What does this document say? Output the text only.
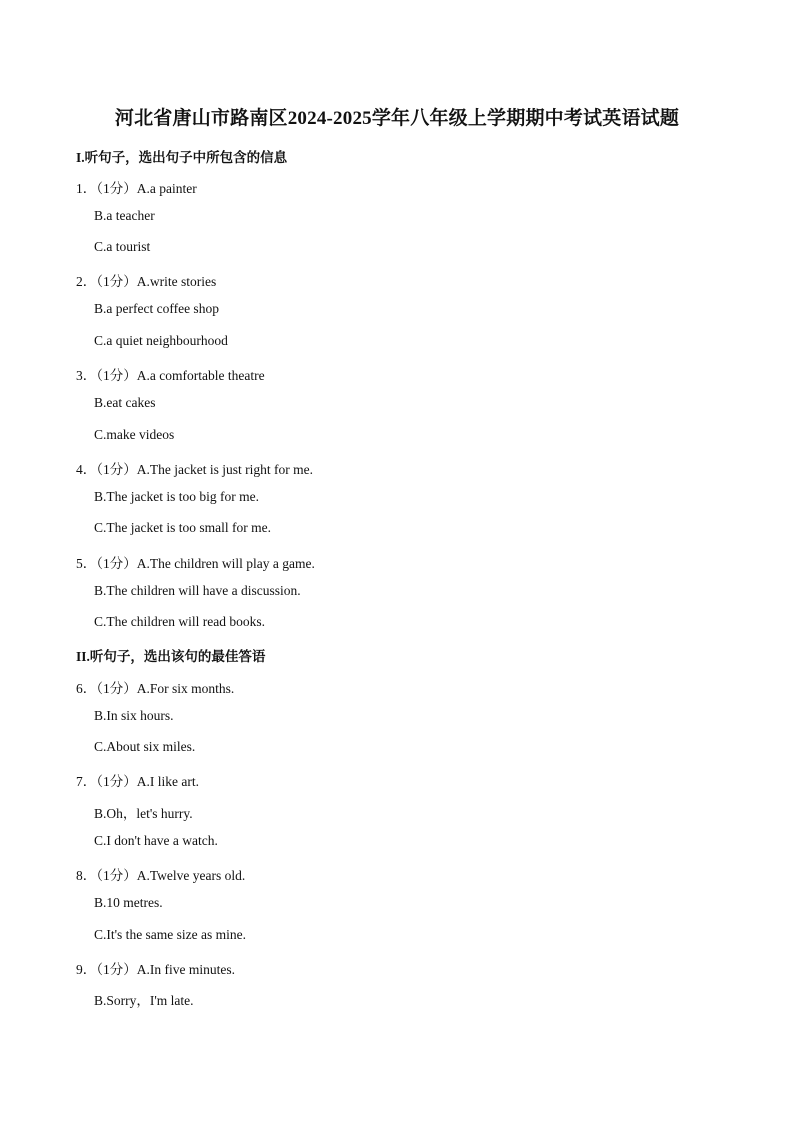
河北省唐山市路南区2024-2025学年八年级上学期期中考试英语试题
I.听句子，选出句子中所包含的信息
1．（1分）A.a painter
B.a teacher
C.a tourist
2．（1分）A.write stories
B.a perfect coffee shop
C.a quiet neighbourhood
3．（1分）A.a comfortable theatre
B.eat cakes
C.make videos
4．（1分）A.The jacket is just right for me.
B.The jacket is too big for me.
C.The jacket is too small for me.
5．（1分）A.The children will play a game.
B.The children will have a discussion.
C.The children will read books.
II.听句子，选出该句的最佳答语
6．（1分）A.For six months.
B.In six hours.
C.About six miles.
7．（1分）A.I like art.
B.Oh，let's hurry.
C.I don't have a watch.
8．（1分）A.Twelve years old.
B.10 metres.
C.It's the same size as mine.
9．（1分）A.In five minutes.
B.Sorry，I'm late.
